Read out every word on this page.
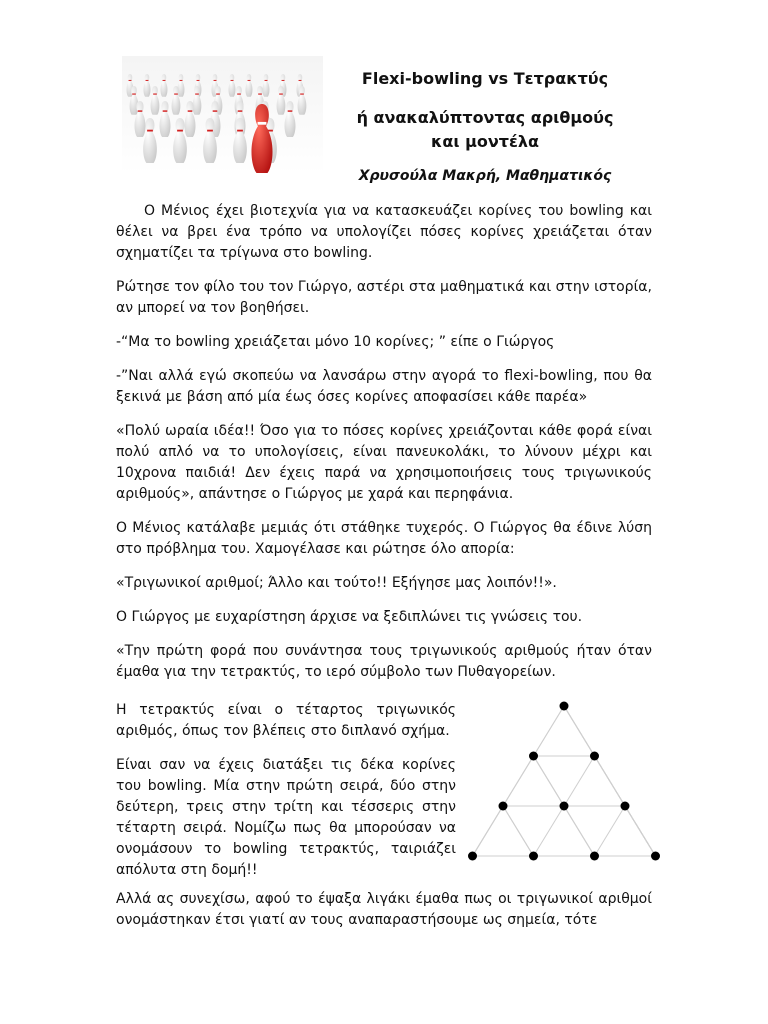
Flexi-bowling vs Τετρακτύς
ή ανακαλύπτοντας αριθμούς και μοντέλα
Χρυσούλα Μακρή, Μαθηματικός

Ο Μένιος έχει βιοτεχνία για να κατασκευάζει κορίνες του bowling και θέλει να βρει ένα τρόπο να υπολογίζει πόσες κορίνες χρειάζεται όταν σχηματίζει τα τρίγωνα στο bowling.

Ρώτησε τον φίλο του τον Γιώργο, αστέρι στα μαθηματικά και στην ιστορία, αν μπορεί να τον βοηθήσει.

-“Μα το bowling χρειάζεται μόνο 10 κορίνες; ” είπε ο Γιώργος

-”Ναι αλλά εγώ σκοπεύω να λανσάρω στην αγορά το flexi-bowling, που θα ξεκινά με βάση από μία έως όσες κορίνες αποφασίσει κάθε παρέα»

«Πολύ ωραία ιδέα!! Όσο για το πόσες κορίνες χρειάζονται κάθε φορά είναι πολύ απλό να το υπολογίσεις, είναι πανευκολάκι, το λύνουν μέχρι και 10χρονα παιδιά! Δεν έχεις παρά να χρησιμοποιήσεις τους τριγωνικούς αριθμούς», απάντησε ο Γιώργος με χαρά και περηφάνια.

Ο Μένιος κατάλαβε μεμιάς ότι στάθηκε τυχερός. Ο Γιώργος θα έδινε λύση στο πρόβλημα του. Χαμογέλασε και ρώτησε όλο απορία:

«Τριγωνικοί αριθμοί; Άλλο και τούτο!! Εξήγησε μας λοιπόν!!».

Ο Γιώργος με ευχαρίστηση άρχισε να ξεδιπλώνει τις γνώσεις του.

«Την πρώτη φορά που συνάντησα τους τριγωνικούς αριθμούς ήταν όταν έμαθα για την τετρακτύς, το ιερό σύμβολο των Πυθαγορείων.

Η τετρακτύς είναι ο τέταρτος τριγωνικός αριθμός, όπως τον βλέπεις στο διπλανό σχήμα.

Είναι σαν να έχεις διατάξει τις δέκα κορίνες του bowling. Μία στην πρώτη σειρά, δύο στην δεύτερη, τρεις στην τρίτη και τέσσερις στην τέταρτη σειρά. Νομίζω πως θα μπορούσαν να ονομάσουν το bowling τετρακτύς, ταιριάζει απόλυτα στη δομή!!

Αλλά ας συνεχίσω, αφού το έψαξα λιγάκι έμαθα πως οι τριγωνικοί αριθμοί ονομάστηκαν έτσι γιατί αν τους αναπαραστήσουμε ως σημεία, τότε
